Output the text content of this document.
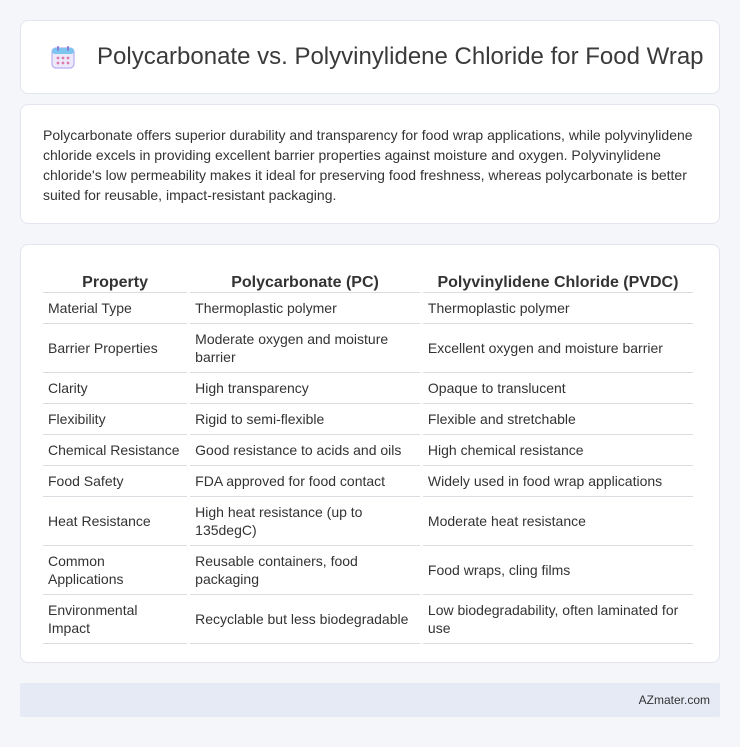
Polycarbonate vs. Polyvinylidene Chloride for Food Wrap

Polycarbonate offers superior durability and transparency for food wrap applications, while polyvinylidene chloride excels in providing excellent barrier properties against moisture and oxygen. Polyvinylidene chloride's low permeability makes it ideal for preserving food freshness, whereas polycarbonate is better suited for reusable, impact-resistant packaging.

Property	Polycarbonate (PC)	Polyvinylidene Chloride (PVDC)
Material Type	Thermoplastic polymer	Thermoplastic polymer
Barrier Properties	Moderate oxygen and moisture barrier	Excellent oxygen and moisture barrier
Clarity	High transparency	Opaque to translucent
Flexibility	Rigid to semi-flexible	Flexible and stretchable
Chemical Resistance	Good resistance to acids and oils	High chemical resistance
Food Safety	FDA approved for food contact	Widely used in food wrap applications
Heat Resistance	High heat resistance (up to 135degC)	Moderate heat resistance
Common Applications	Reusable containers, food packaging	Food wraps, cling films
Environmental Impact	Recyclable but less biodegradable	Low biodegradability, often laminated for use
AZmater.com
